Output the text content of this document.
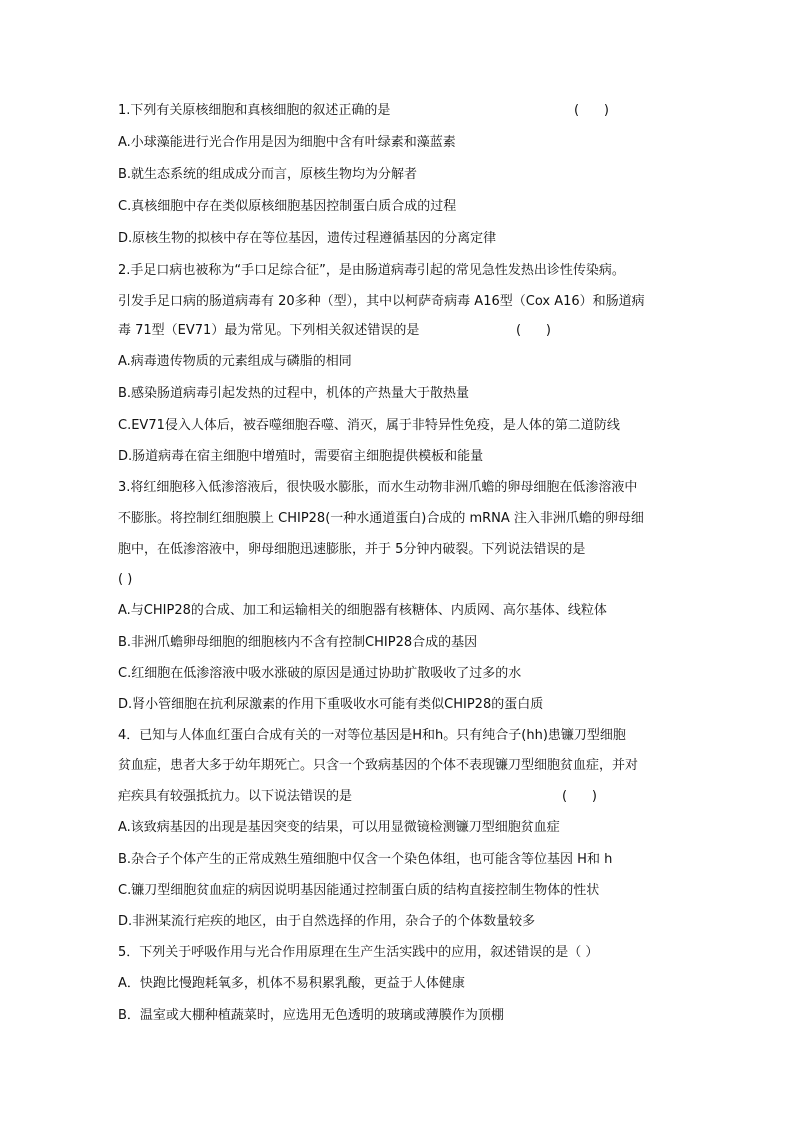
1.下列有关原核细胞和真核细胞的叙述正确的是	(      )
A.小球藻能进行光合作用是因为细胞中含有叶绿素和藻蓝素
B.就生态系统的组成成分而言，原核生物均为分解者
C.真核细胞中存在类似原核细胞基因控制蛋白质合成的过程
D.原核生物的拟核中存在等位基因，遗传过程遵循基因的分离定律
2.手足口病也被称为“手口足综合征”，是由肠道病毒引起的常见急性发热出诊性传染病。
引发手足口病的肠道病毒有 20多种（型），其中以柯萨奇病毒 A16型（Cox A16）和肠道病
毒 71型（EV71）最为常见。下列相关叙述错误的是	(      )
A.病毒遗传物质的元素组成与磷脂的相同
B.感染肠道病毒引起发热的过程中，机体的产热量大于散热量
C.EV71侵入人体后，被吞噬细胞吞噬、消灭，属于非特异性免疫，是人体的第二道防线
D.肠道病毒在宿主细胞中增殖时，需要宿主细胞提供模板和能量
3.将红细胞移入低渗溶液后，很快吸水膨胀，而水生动物非洲爪蟾的卵母细胞在低渗溶液中
不膨胀。将控制红细胞膜上 CHIP28(一种水通道蛋白)合成的 mRNA 注入非洲爪蟾的卵母细
胞中，在低渗溶液中，卵母细胞迅速膨胀，并于 5分钟内破裂。下列说法错误的是
( )
A.与CHIP28的合成、加工和运输相关的细胞器有核糖体、内质网、高尔基体、线粒体
B.非洲爪蟾卵母细胞的细胞核内不含有控制CHIP28合成的基因
C.红细胞在低渗溶液中吸水涨破的原因是通过协助扩散吸收了过多的水
D.肾小管细胞在抗利尿激素的作用下重吸收水可能有类似CHIP28的蛋白质
4．已知与人体血红蛋白合成有关的一对等位基因是H和h。只有纯合子(hh)患镰刀型细胞
贫血症，患者大多于幼年期死亡。只含一个致病基因的个体不表现镰刀型细胞贫血症，并对
疟疾具有较强抵抗力。以下说法错误的是	(      )
A.该致病基因的出现是基因突变的结果，可以用显微镜检测镰刀型细胞贫血症
B.杂合子个体产生的正常成熟生殖细胞中仅含一个染色体组，也可能含等位基因 H和 h
C.镰刀型细胞贫血症的病因说明基因能通过控制蛋白质的结构直接控制生物体的性状
D.非洲某流行疟疾的地区，由于自然选择的作用，杂合子的个体数量较多
5．下列关于呼吸作用与光合作用原理在生产生活实践中的应用，叙述错误的是（ ）
A．快跑比慢跑耗氧多，机体不易积累乳酸，更益于人体健康
B．温室或大棚种植蔬菜时，应选用无色透明的玻璃或薄膜作为顶棚
